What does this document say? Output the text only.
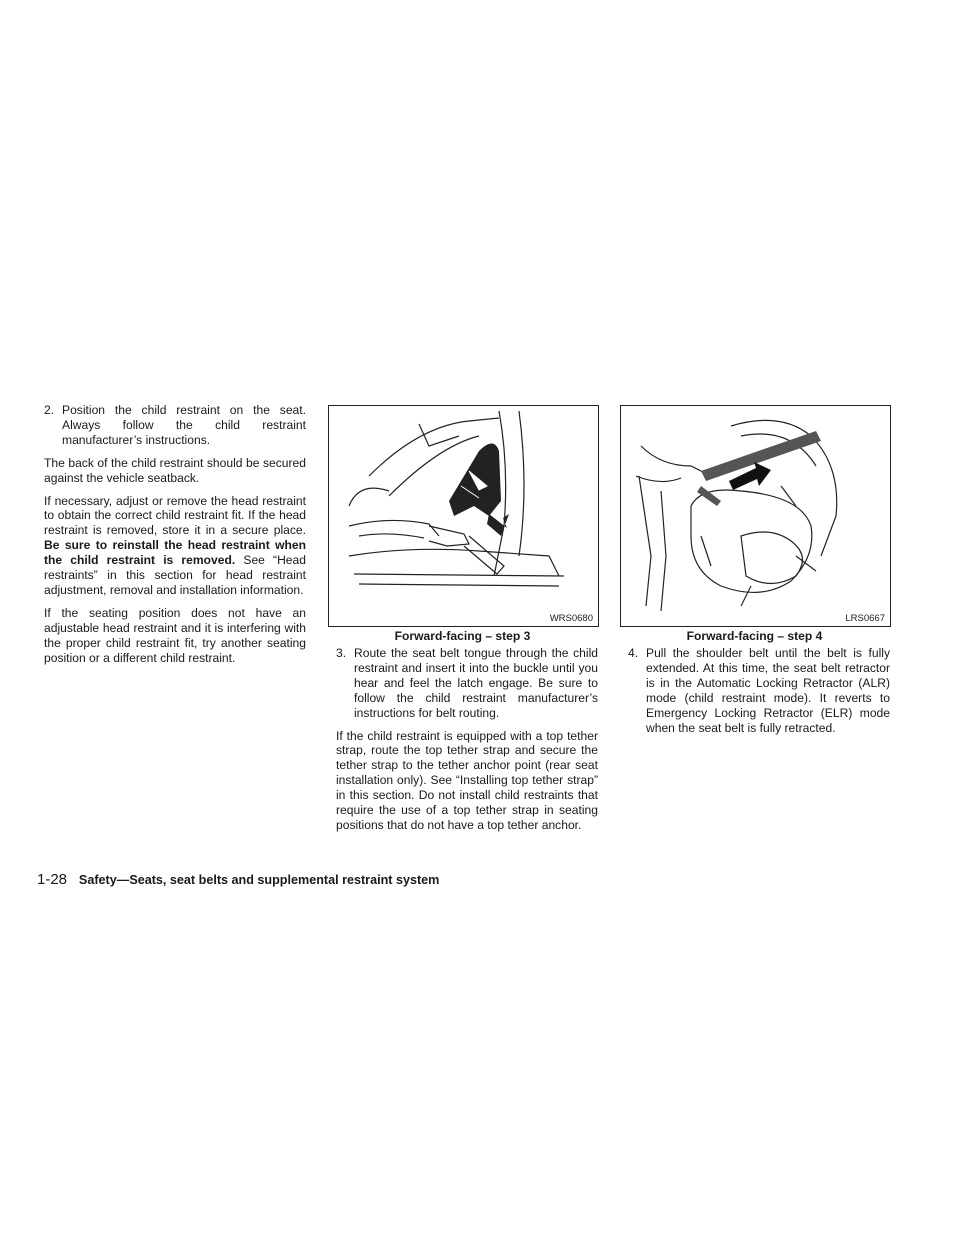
2. Position the child restraint on the seat. Always follow the child restraint manufacturer’s instructions.

The back of the child restraint should be secured against the vehicle seatback.

If necessary, adjust or remove the head restraint to obtain the correct child restraint fit. If the head restraint is removed, store it in a secure place. Be sure to reinstall the head restraint when the child restraint is removed. See “Head restraints” in this section for head restraint adjustment, removal and installation information.

If the seating position does not have an adjustable head restraint and it is interfering with the proper child restraint fit, try another seating position or a different child restraint.

WRS0680
Forward-facing – step 3
3. Route the seat belt tongue through the child restraint and insert it into the buckle until you hear and feel the latch engage. Be sure to follow the child restraint manufacturer’s instructions for belt routing.

If the child restraint is equipped with a top tether strap, route the top tether strap and secure the tether strap to the tether anchor point (rear seat installation only). See “Installing top tether strap” in this section. Do not install child restraints that require the use of a top tether strap in seating positions that do not have a top tether anchor.

LRS0667
Forward-facing – step 4
4. Pull the shoulder belt until the belt is fully extended. At this time, the seat belt retractor is in the Automatic Locking Retractor (ALR) mode (child restraint mode). It reverts to Emergency Locking Retractor (ELR) mode when the seat belt is fully retracted.
1-28 Safety—Seats, seat belts and supplemental restraint system
